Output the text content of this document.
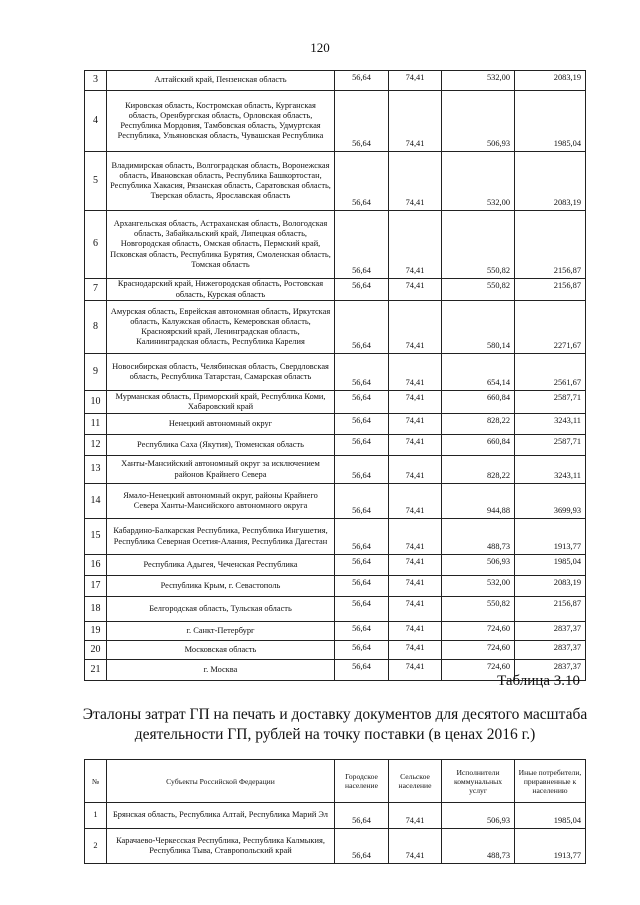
120
3	Алтайский край, Пензенская область	56,64	74,41	532,00	2083,19
4	Кировская область, Костромская область, Курганская область, Оренбургская область, Орловская область, Республика Мордовия, Тамбовская область, Удмуртская Республика, Ульяновская область, Чувашская Республика	56,64	74,41	506,93	1985,04
5	Владимирская область, Волгоградская область, Воронежская область, Ивановская область, Республика Башкортостан, Республика Хакасия, Рязанская область, Саратовская область, Тверская область, Ярославская область	56,64	74,41	532,00	2083,19
6	Архангельская область, Астраханская область, Вологодская область, Забайкальский край, Липецкая область, Новгородская область, Омская область, Пермский край, Псковская область, Республика Бурятия, Смоленская область, Томская область	56,64	74,41	550,82	2156,87
7	Краснодарский край, Нижегородская область, Ростовская область, Курская область	56,64	74,41	550,82	2156,87
8	Амурская область, Еврейская автономная область, Иркутская область, Калужская область, Кемеровская область, Красноярский край, Ленинградская область, Калининградская область, Республика Карелия	56,64	74,41	580,14	2271,67
9	Новосибирская область, Челябинская область, Свердловская область, Республика Татарстан, Самарская область	56,64	74,41	654,14	2561,67
10	Мурманская область, Приморский край, Республика Коми, Хабаровский край	56,64	74,41	660,84	2587,71
11	Ненецкий автономный округ	56,64	74,41	828,22	3243,11
12	Республика Саха (Якутия), Тюменская область	56,64	74,41	660,84	2587,71
13	Ханты-Мансийский автономный округ за исключением районов Крайнего Севера	56,64	74,41	828,22	3243,11
14	Ямало-Ненецкий автономный округ, районы Крайнего Севера Ханты-Мансийского автономного округа	56,64	74,41	944,88	3699,93
15	Кабардино-Балкарская Республика, Республика Ингушетия, Республика Северная Осетия-Алания, Республика Дагестан	56,64	74,41	488,73	1913,77
16	Республика Адыгея, Чеченская Республика	56,64	74,41	506,93	1985,04
17	Республика Крым, г. Севастополь	56,64	74,41	532,00	2083,19
18	Белгородская область, Тульская область	56,64	74,41	550,82	2156,87
19	г. Санкт-Петербург	56,64	74,41	724,60	2837,37
20	Московская область	56,64	74,41	724,60	2837,37
21	г. Москва	56,64	74,41	724,60	2837,37
Таблица 3.10
Эталоны затрат ГП на печать и доставку документов для десятого масштаба деятельности ГП, рублей на точку поставки (в ценах 2016 г.)
№	Субъекты Российской Федерации	Городское население	Сельское население	Исполнители коммунальных услуг	Иные потребители, приравненные к населению
1	Брянская область, Республика Алтай, Республика Марий Эл	56,64	74,41	506,93	1985,04
2	Карачаево-Черкесская Республика, Республика Калмыкия, Республика Тыва, Ставропольский край	56,64	74,41	488,73	1913,77
